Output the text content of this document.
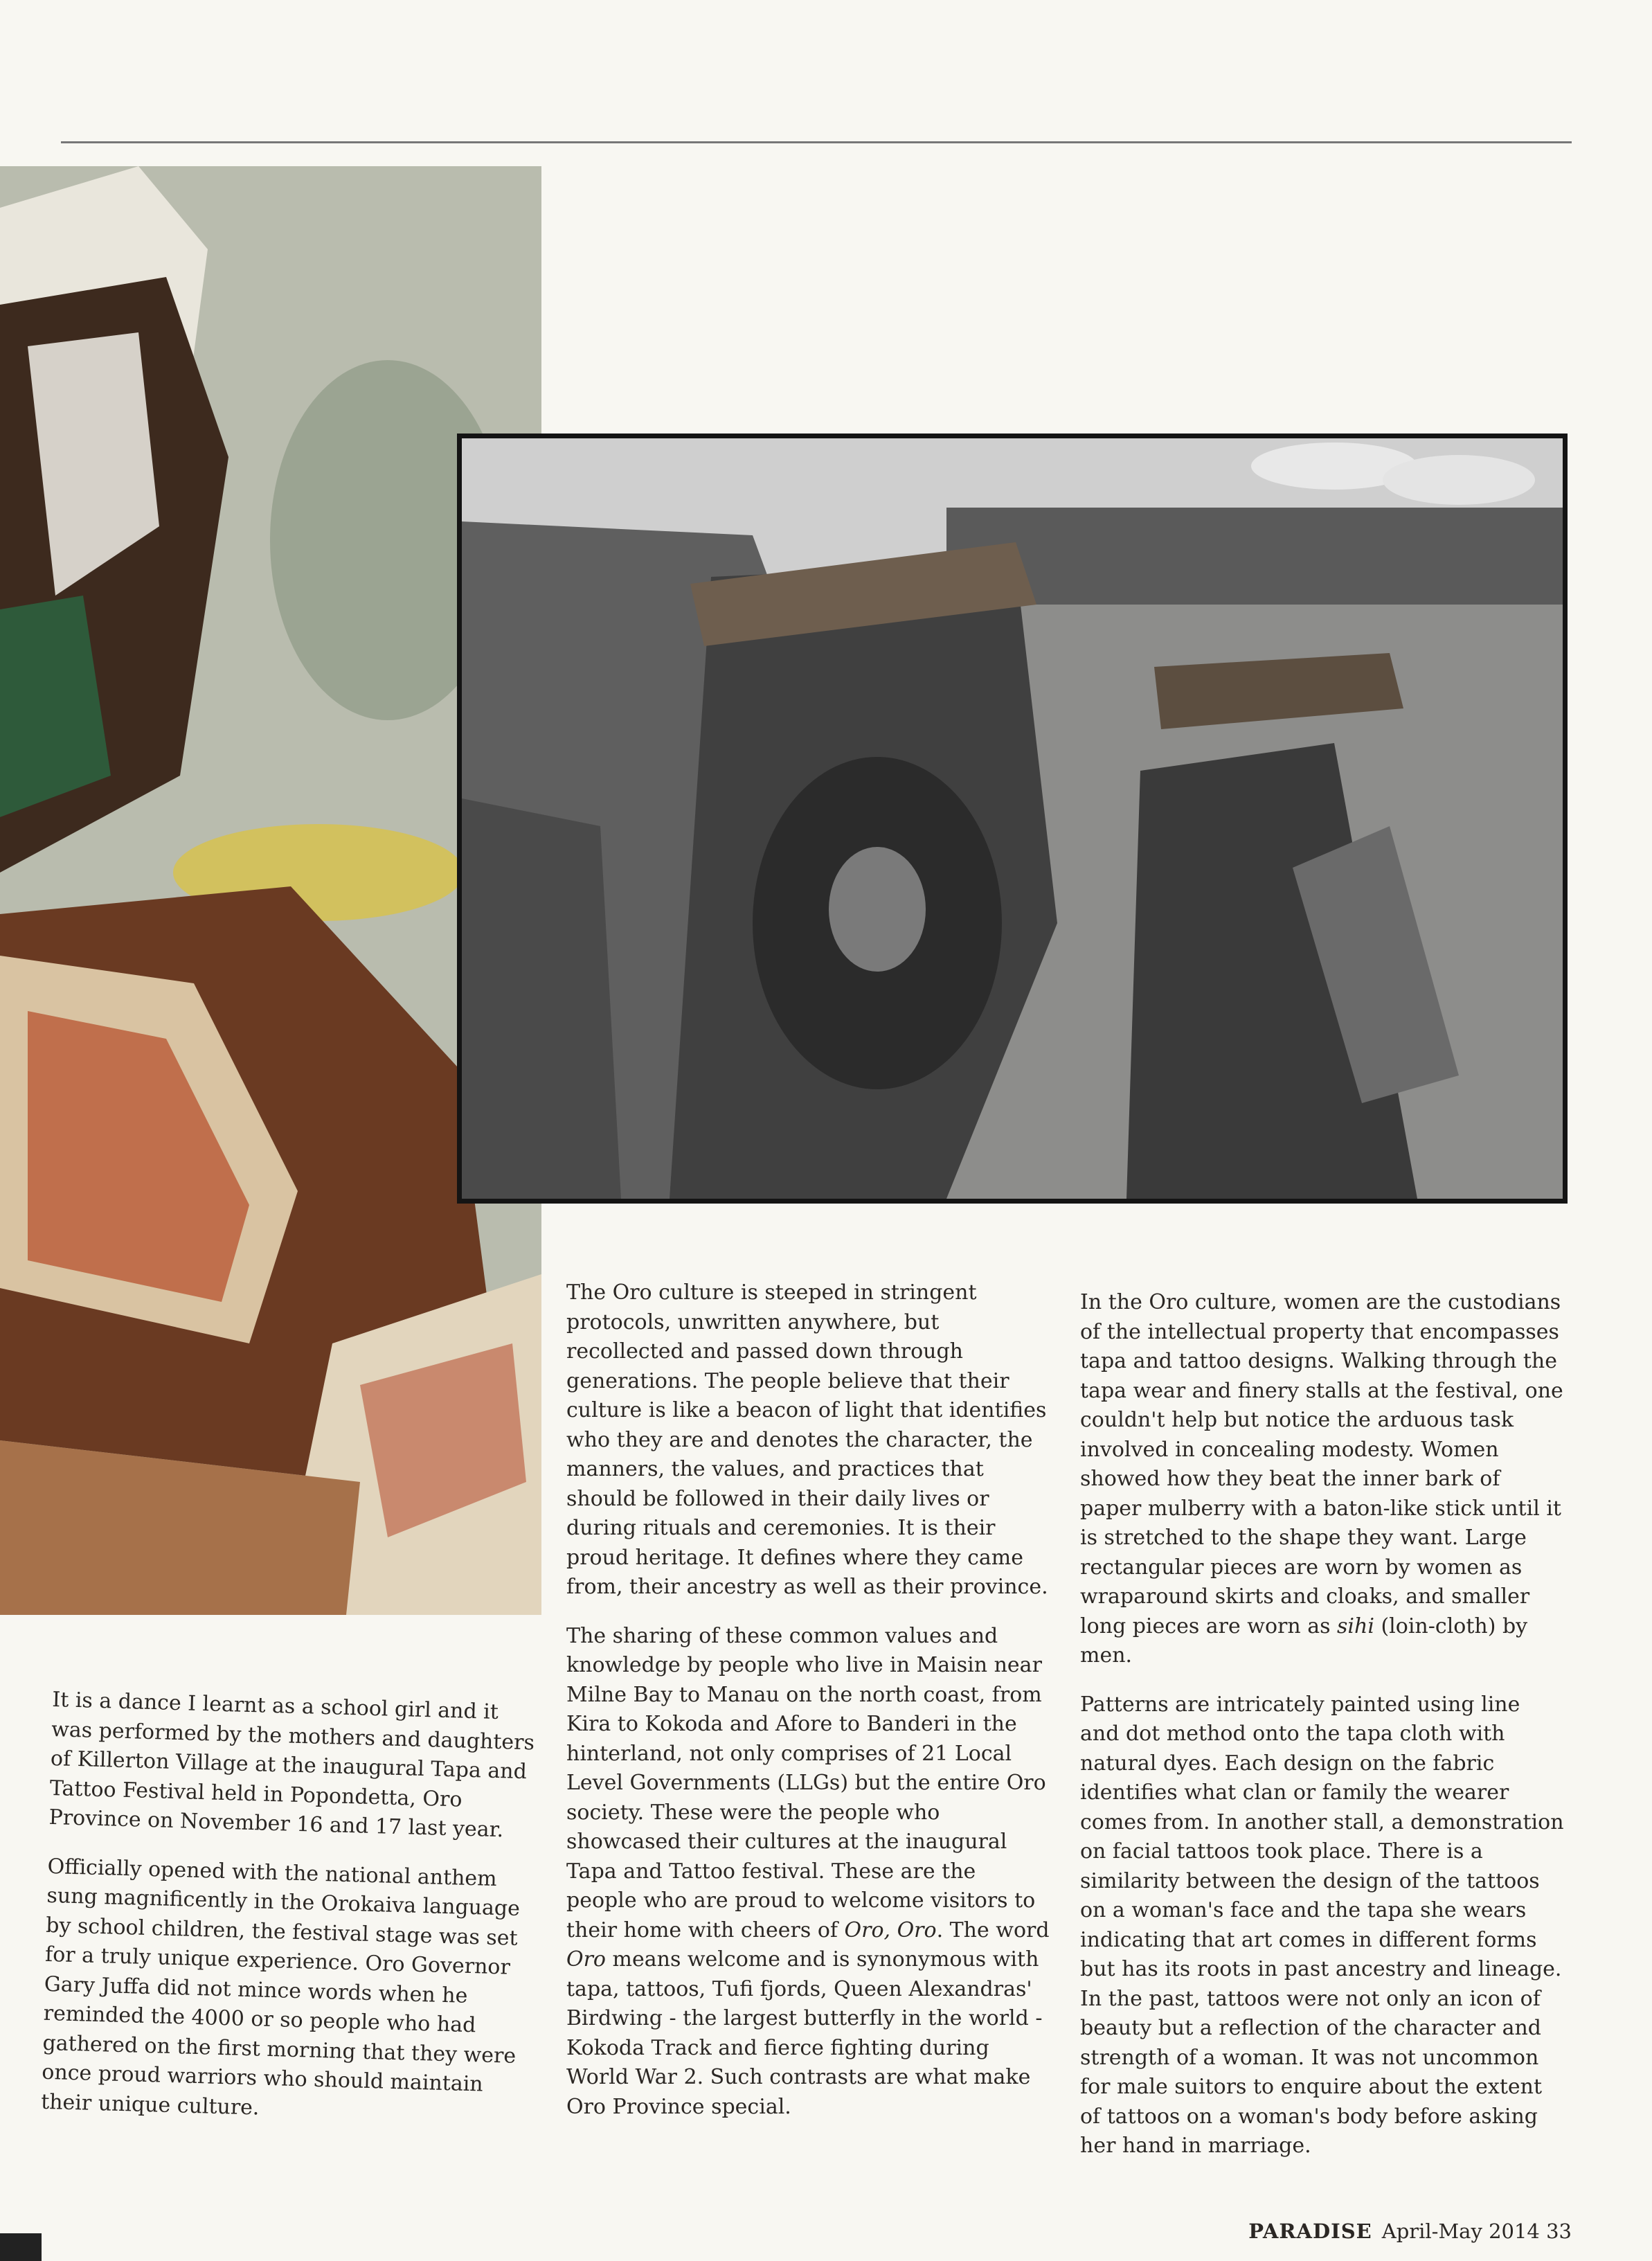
It is a dance I learnt as a school girl and it was performed by the mothers and daughters of Killerton Village at the inaugural Tapa and Tattoo Festival held in Popondetta, Oro Province on November 16 and 17 last year.

Officially opened with the national anthem sung magnificently in the Orokaiva language by school children, the festival stage was set for a truly unique experience. Oro Governor Gary Juffa did not mince words when he reminded the 4000 or so people who had gathered on the first morning that they were once proud warriors who should maintain their unique culture.

The Oro culture is steeped in stringent protocols, unwritten anywhere, but recollected and passed down through generations. The people believe that their culture is like a beacon of light that identifies who they are and denotes the character, the manners, the values, and practices that should be followed in their daily lives or during rituals and ceremonies. It is their proud heritage. It defines where they came from, their ancestry as well as their province.

The sharing of these common values and knowledge by people who live in Maisin near Milne Bay to Manau on the north coast, from Kira to Kokoda and Afore to Banderi in the hinterland, not only comprises of 21 Local Level Governments (LLGs) but the entire Oro society. These were the people who showcased their cultures at the inaugural Tapa and Tattoo festival. These are the people who are proud to welcome visitors to their home with cheers of Oro, Oro. The word Oro means welcome and is synonymous with tapa, tattoos, Tufi fjords, Queen Alexandras' Birdwing - the largest butterfly in the world - Kokoda Track and fierce fighting during World War 2. Such contrasts are what make Oro Province special.

In the Oro culture, women are the custodians of the intellectual property that encompasses tapa and tattoo designs. Walking through the tapa wear and finery stalls at the festival, one couldn't help but notice the arduous task involved in concealing modesty. Women showed how they beat the inner bark of paper mulberry with a baton-like stick until it is stretched to the shape they want. Large rectangular pieces are worn by women as wraparound skirts and cloaks, and smaller long pieces are worn as sihi (loin-cloth) by men.

Patterns are intricately painted using line and dot method onto the tapa cloth with natural dyes. Each design on the fabric identifies what clan or family the wearer comes from. In another stall, a demonstration on facial tattoos took place. There is a similarity between the design of the tattoos on a woman's face and the tapa she wears indicating that art comes in different forms but has its roots in past ancestry and lineage. In the past, tattoos were not only an icon of beauty but a reflection of the character and strength of a woman. It was not uncommon for male suitors to enquire about the extent of tattoos on a woman's body before asking her hand in marriage.

PARADISE April-May 2014 33
